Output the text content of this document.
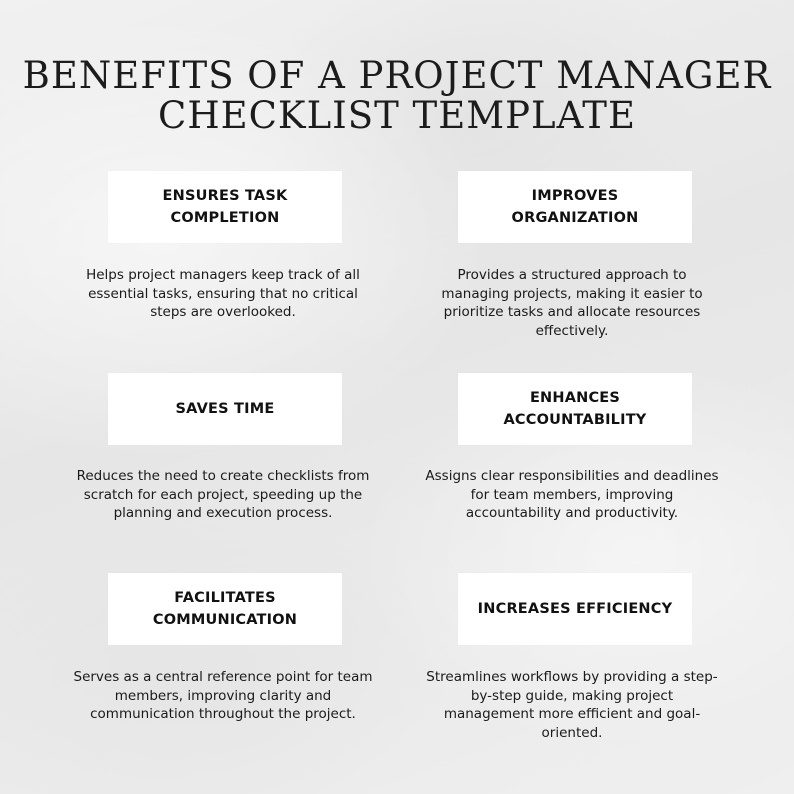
BENEFITS OF A PROJECT MANAGER
CHECKLIST TEMPLATE
ENSURES TASK
COMPLETION
Helps project managers keep track of all
essential tasks, ensuring that no critical
steps are overlooked.
IMPROVES
ORGANIZATION
Provides a structured approach to
managing projects, making it easier to
prioritize tasks and allocate resources
effectively.
SAVES TIME
Reduces the need to create checklists from
scratch for each project, speeding up the
planning and execution process.
ENHANCES
ACCOUNTABILITY
Assigns clear responsibilities and deadlines
for team members, improving
accountability and productivity.
FACILITATES
COMMUNICATION
Serves as a central reference point for team
members, improving clarity and
communication throughout the project.
INCREASES EFFICIENCY
Streamlines workflows by providing a step-
by-step guide, making project
management more efficient and goal-
oriented.
